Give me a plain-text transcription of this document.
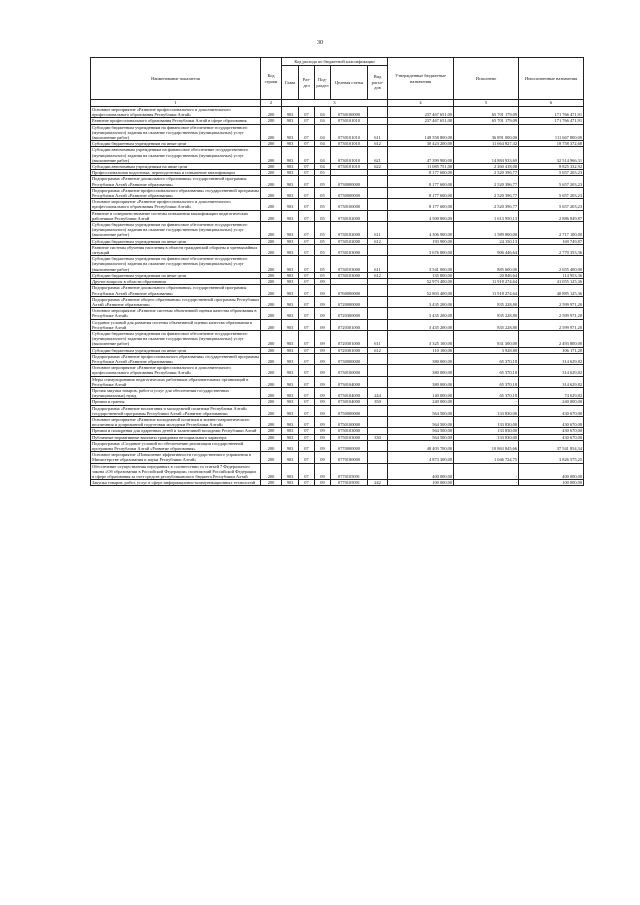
30
Наименование показателя	Код строки	Код расхода по бюджетной классификации					Утвержденные бюджетные назначения	Исполнено	Неисполненные назначения
		Глава	Раз-дел	Под-раздел	Целевая статья	Вид расхо-дов			
1	2	3					4	5	6
Основное мероприятие «Развитие профессионального и дополнительного профессионального образования Республики Алтай»	200	903	07	04	0730100000		237 467 651,00	65 701 179,09	171 766 471,91
Развитие профессионального образования Республики Алтай в сфере образования	200	903	07	04	0730101010		237 467 651,00	65 701 179,09	171 766 471,91
Субсидии бюджетным учреждениям на финансовое обеспечение государственного (муниципального) задания на оказание государственных (муниципальных) услуг (выполнение работ)	200	903	07	04	0730101010	611	148 558 800,00	36 891 000,00	111 667 800,00
Субсидии бюджетным учреждениям на иные цели	200	903	07	04	0730101010	612	30 423 200,00	11 664 827,32	18 758 372,68
Субсидии автономным учреждениям на финансовое обеспечение государственного (муниципального) задания на оказание государственных (муниципальных) услуг (выполнение работ)	200	903	07	04	0730101010	621	47 399 900,00	14 884 933,69	32 514 966,31
Субсидии автономным учреждениям на иные цели	200	903	07	04	0730101010	622	11 085 751,00	2 260 418,08	8 825 332,92
Профессиональная подготовка, переподготовка и повышение квалификации	200	903	07	05			8 177 600,00	2 520 396,77	5 657 203,23
Подпрограмма «Развитие дошкольного образования» государственной программы Республики Алтай «Развитие образования»	200	903	07	05	0730000000		8 177 600,00	2 520 396,77	5 657 203,23
Подпрограмма «Развитие профессионального образования» государственной программы Республики Алтай «Развитие образования»	200	903	07	05	0730000000		8 177 600,00	2 520 396,77	5 657 203,23
Основное мероприятие «Развитие профессионального и дополнительного профессионального образования Республики Алтай»	200	903	07	05	0730100000		8 177 600,00	2 520 396,77	5 657 203,23
Развитие и совершенствование системы повышения квалификации педагогических работников Республики Алтай	200	903	07	05	0730102000		4 500 800,00	1 613 950,13	2 886 849,87
Субсидии бюджетным учреждениям на финансовое обеспечение государственного (муниципального) задания на оказание государственных (муниципальных) услуг (выполнение работ)	200	903	07	05	0730102000	611	4 306 900,00	1 589 800,00	2 717 100,00
Субсидии бюджетным учреждениям на иные цели	200	903	07	05	0730102000	612	193 900,00	24 150,13	169 749,87
Развитие системы обучения населения в области гражданской обороны и чрезвычайных ситуаций	200	903	07	05	0730103000		3 676 800,00	906 446,64	2 770 353,36
Субсидии бюджетным учреждениям на финансовое обеспечение государственного (муниципального) задания на оказание государственных (муниципальных) услуг (выполнение работ)	200	903	07	05	0730103000	611	3 541 000,00	885 600,00	2 655 400,00
Субсидии бюджетным учреждениям на иные цели	200	903	07	05	0730103000	612	135 800,00	20 846,64	114 953,36
Другие вопросы в области образования	200	903	07	09			52 973 400,00	11 918 274,64	41 055 125,36
Подпрограмма «Развитие дошкольного образования» государственной программы Республики Алтай «Развитие образования»	200	903	07	09	0760000000		52 803 400,00	11 918 274,64	40 885 125,36
Подпрограмма «Развитие общего образования» государственной программы Республики Алтай «Развитие образования»	200	903	07	09	0720000000		3 435 200,00	835 228,80	2 599 971,20
Основное мероприятие «Развитие системы объективной оценки качества образования в Республике Алтай»	200	903	07	09	0720300000		3 435 200,00	835 228,80	2 599 971,20
Создание условий для развития системы объективной оценки качества образования в Республике Алтай	200	903	07	09	0720301000		3 435 200,00	835 228,80	2 599 971,20
Субсидии бюджетным учреждениям на финансовое обеспечение государственного (муниципального) задания на оказание государственных (муниципальных) услуг (выполнение работ)	200	903	07	09	0720301000	611	3 325 100,00	831 300,00	2 493 800,00
Субсидии бюджетным учреждениям на иные цели	200	903	07	09	0720301000	612	110 100,00	3 928,80	106 171,20
Подпрограмма «Развитие профессионального образования» государственной программы Республики Алтай «Развитие образования»	200	903	07	09	0730000000		380 000,00	65 370,18	314 629,82
Основное мероприятие «Развитие профессионального и дополнительного профессионального образования Республики Алтай»	200	903	07	09	0730100000		380 000,00	65 370,18	314 629,82
Меры стимулирования педагогических работников образовательных организаций в Республике Алтай	200	903	07	09	0730104000		380 000,00	65 370,18	314 629,82
Прочая закупка товаров, работ и услуг для обеспечения государственных (муниципальных) нужд	200	903	07	09	0730104000	244	140 000,00	65 370,18	74 629,82
Премии и гранты	200	903	07	09	0730104000	350	240 000,00	-	240 000,00
Подпрограмма «Развитие воспитания и молодежной политики Республики Алтай» государственной программы Республики Алтай «Развитие образования»	200	903	07	09	0750000000		564 500,00	133 830,00	430 670,00
Основное мероприятие «Развитие молодежной политики и военно-патриотического воспитания и допризывной подготовки молодежи Республики Алтай»	200	903	07	09	0750100000		564 500,00	133 830,00	430 670,00
Премии и поощрения для одаренных детей и талантливой молодежи Республики Алтай	200	903	07	09	0750103000		564 500,00	133 830,00	430 670,00
Публичные нормативные выплаты гражданам несоциального характера	200	903	07	09	0750103000	330	564 500,00	133 830,00	430 670,00
Подпрограмма «Создание условий по обеспечению реализации государственной программы Республики Алтай «Развитие образования»	200	903	07	09	0770000000		48 403 700,00	10 863 845,66	37 541 854,34
Основное мероприятие «Повышение эффективности государственного управления в Министерстве образования и науки Республики Алтай»	200	903	07	09	0770100000		4 873 300,00	1 046 724,75	3 826 575,25
Обеспечение осуществления переданных в соответствии со статьей 7 Федерального закона «Об образовании в Российской Федерации» полномочий Российской Федерации в сфере образования за счет средств республиканского бюджета Республики Алтай	200	903	07	09	0770105091		400 000,00	-	400 000,00
Закупка товаров, работ, услуг в сфере информационно-коммуникационных технологий	200	903	07	09	0770105091	242	100 000,00	-	100 000,00
